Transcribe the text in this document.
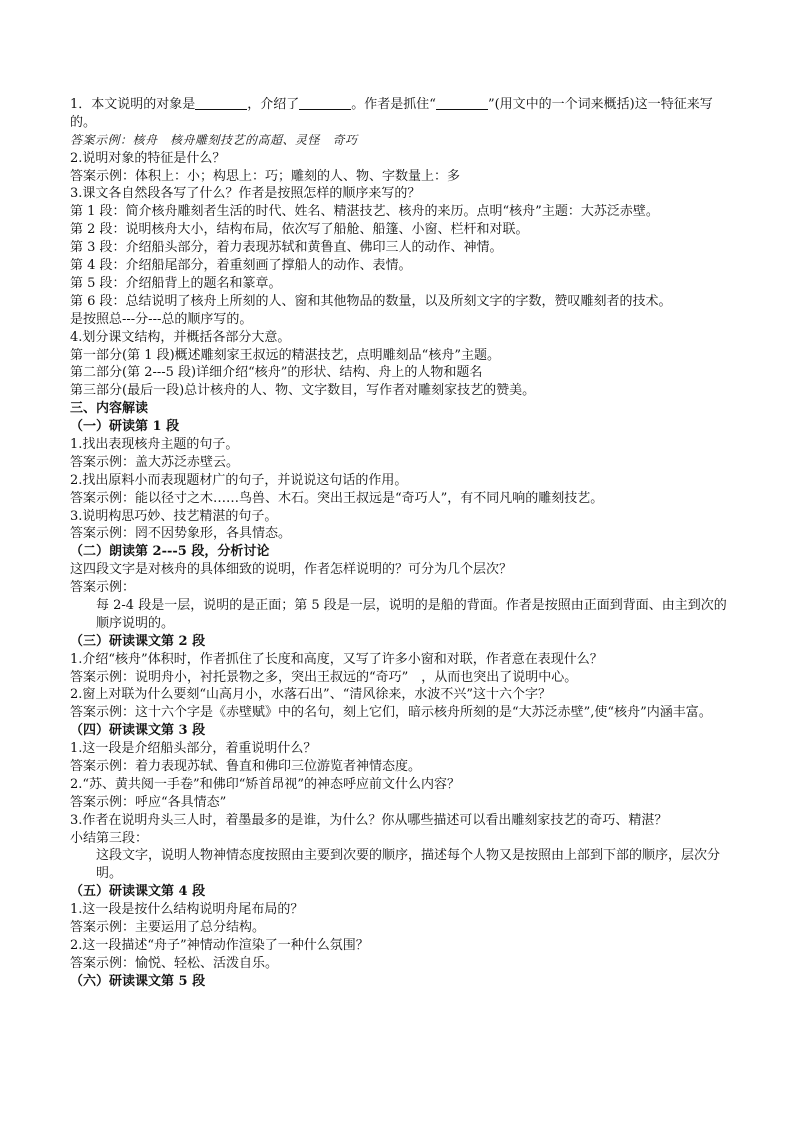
1．本文说明的对象是	，介绍了	。作者是抓住“	”(用文中的一个词来概括)这一特征来写的。
答案示例：核舟　核舟雕刻技艺的高超、灵怪　奇巧
2.说明对象的特征是什么？
答案示例：体积上：小；构思上：巧；雕刻的人、物、字数量上：多
3.课文各自然段各写了什么？作者是按照怎样的顺序来写的？
第 1 段：简介核舟雕刻者生活的时代、姓名、精湛技艺、核舟的来历。点明“核舟”主题：大苏泛赤壁。
第 2 段：说明核舟大小，结构布局，依次写了船舱、船篷、小窗、栏杆和对联。
第 3 段：介绍船头部分，着力表现苏轼和黄鲁直、佛印三人的动作、神情。
第 4 段：介绍船尾部分，着重刻画了撑船人的动作、表情。
第 5 段：介绍船背上的题名和篆章。
第 6 段：总结说明了核舟上所刻的人、窗和其他物品的数量，以及所刻文字的字数，赞叹雕刻者的技术。
是按照总---分---总的顺序写的。
4.划分课文结构，并概括各部分大意。
第一部分(第 1 段)概述雕刻家王叔远的精湛技艺，点明雕刻品“核舟”主题。
第二部分(第 2---5 段)详细介绍“核舟”的形状、结构、舟上的人物和题名
第三部分(最后一段)总计核舟的人、物、文字数目，写作者对雕刻家技艺的赞美。
三、内容解读
（一）研读第 1 段
1.找出表现核舟主题的句子。
答案示例：盖大苏泛赤壁云。
2.找出原料小而表现题材广的句子，并说说这句话的作用。
答案示例：能以径寸之木……鸟兽、木石。突出王叔远是“奇巧人”，有不同凡响的雕刻技艺。
3.说明构思巧妙、技艺精湛的句子。
答案示例：罔不因势象形，各具情态。
（二）朗读第 2---5 段，分析讨论
这四段文字是对核舟的具体细致的说明，作者怎样说明的？可分为几个层次？
答案示例：
每 2-4 段是一层，说明的是正面；第 5 段是一层，说明的是船的背面。作者是按照由正面到背面、由主到次的顺序说明的。
（三）研读课文第 2 段
1.介绍“核舟”体积时，作者抓住了长度和高度，又写了许多小窗和对联，作者意在表现什么？
答案示例：说明舟小，衬托景物之多，突出王叔远的“奇巧”　，从而也突出了说明中心。
2.窗上对联为什么要刻“山高月小，水落石出”、“清风徐来，水波不兴”这十六个字？
答案示例：这十六个字是《赤壁赋》中的名句，刻上它们，暗示核舟所刻的是“大苏泛赤壁”,使“核舟”内涵丰富。
（四）研读课文第 3 段
1.这一段是介绍船头部分，着重说明什么？
答案示例：着力表现苏轼、鲁直和佛印三位游览者神情态度。
2.“苏、黄共阅一手卷”和佛印“矫首昂视”的神态呼应前文什么内容？
答案示例：呼应“各具情态”
3.作者在说明舟头三人时，着墨最多的是谁，为什么？你从哪些描述可以看出雕刻家技艺的奇巧、精湛？
小结第三段：
这段文字，说明人物神情态度按照由主要到次要的顺序，描述每个人物又是按照由上部到下部的顺序，层次分明。
（五）研读课文第 4 段
1.这一段是按什么结构说明舟尾布局的？
答案示例：主要运用了总分结构。
2.这一段描述“舟子”神情动作渲染了一种什么氛围？
答案示例：愉悦、轻松、活泼自乐。
（六）研读课文第 5 段
